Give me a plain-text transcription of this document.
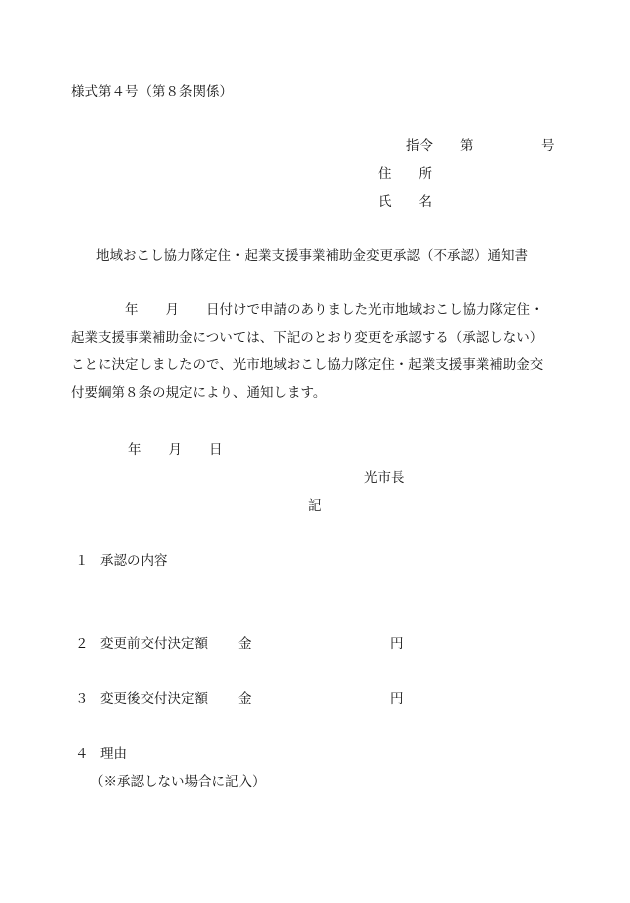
様式第４号（第８条関係）
指令　　第　　　　　号
住　　所
氏　　名
地域おこし協力隊定住・起業支援事業補助金変更承認（不承認）通知書
　　　　年　　月　　日付けで申請のありました光市地域おこし協力隊定住・
起業支援事業補助金については、下記のとおり変更を承認する（承認しない）
ことに決定しましたので、光市地域おこし協力隊定住・起業支援事業補助金交
付要綱第８条の規定により、通知します。
年　　月　　日
光市長
記
１ 承認の内容
２ 変更前交付決定額 金	円
３ 変更後交付決定額 金	円
４ 理由
（※承認しない場合に記入）
